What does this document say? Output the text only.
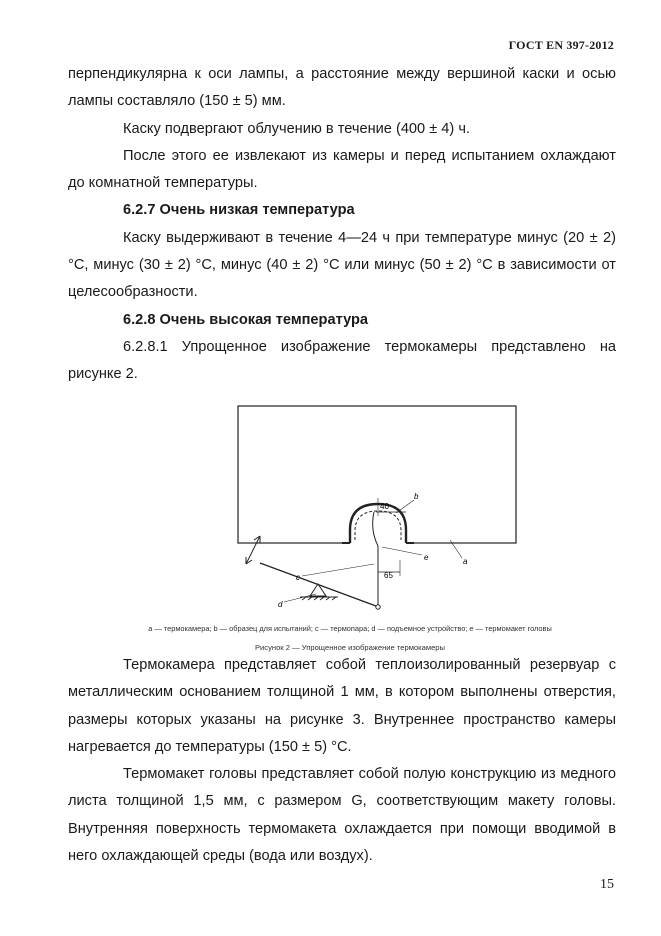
ГОСТ EN 397-2012

перпендикулярна к оси лампы, а расстояние между вершиной каски и осью лампы составляло (150 ± 5) мм.

Каску подвергают облучению в течение (400 ± 4) ч.

После этого ее извлекают из камеры и перед испытанием охлаждают до комнатной температуры.

6.2.7 Очень низкая температура

Каску выдерживают в течение 4—24 ч при температуре минус (20 ± 2) °С, минус (30 ± 2) °С, минус (40 ± 2) °С или минус (50 ± 2) °С в зависимости от целесообразности.

6.2.8 Очень высокая температура

6.2.8.1 Упрощенное изображение термокамеры представлено на рисунке 2.

40
65
a
b
c
d
e
a — термокамера; b — образец для испытаний; c — термопара; d — подъемное устройство; e — термомакет головы
Рисунок 2 — Упрощенное изображение термокамеры

Термокамера представляет собой теплоизолированный резервуар с металлическим основанием толщиной 1 мм, в котором выполнены отверстия, размеры которых указаны на рисунке 3. Внутреннее пространство камеры нагревается до температуры (150 ± 5) °С.

Термомакет головы представляет собой полую конструкцию из медного листа толщиной 1,5 мм, с размером G, соответствующим макету головы. Внутренняя поверхность термомакета охлаждается при помощи вводимой в него охлаждающей среды (вода или воздух).

15
